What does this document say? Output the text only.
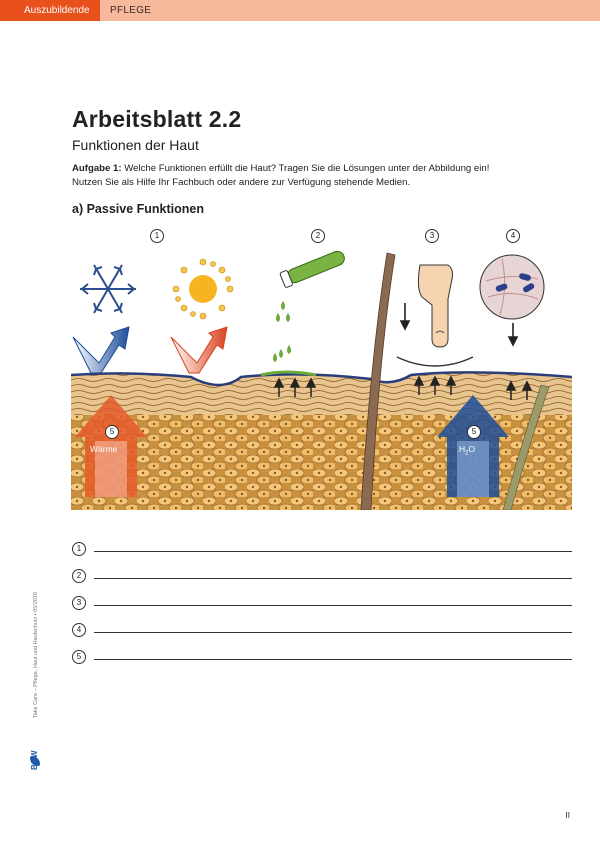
Auszubildende	PFLEGE
Arbeitsblatt 2.2
Funktionen der Haut
Aufgabe 1: Welche Funktionen erfüllt die Haut? Tragen Sie die Lösungen unter der Abbildung ein! Nutzen Sie als Hilfe Ihr Fachbuch oder andere zur Verfügung stehende Medien.
a) Passive Funktionen
1	2	3	4
5
Wärme
5
$H_2O$
1
2
3
4
5
Take Care – Pflege, Haut und Hautschutz • 05/2016
BGW
II
